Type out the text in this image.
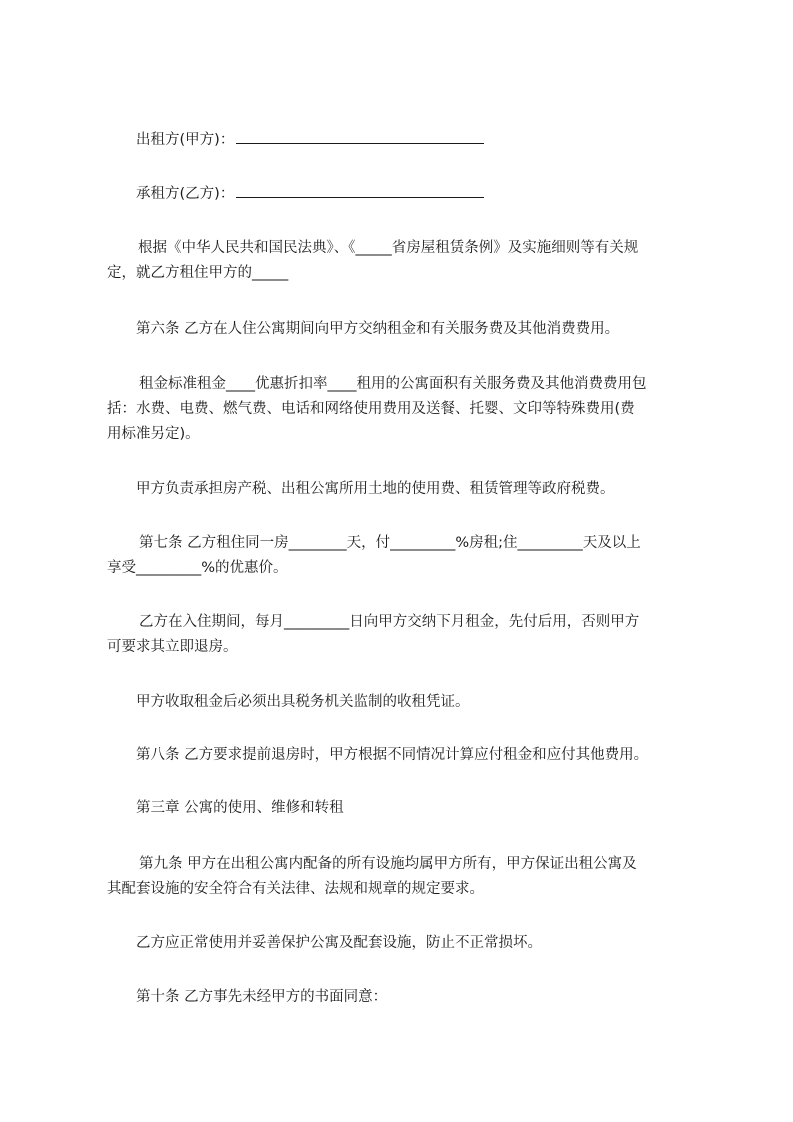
出租方(甲方)：

承租方(乙方)：

根据《中华人民共和国民法典》、《_____省房屋租赁条例》及实施细则等有关规
定，就乙方租住甲方的_____

第六条 乙方在人住公寓期间向甲方交纳租金和有关服务费及其他消费费用。

租金标准租金____优惠折扣率____租用的公寓面积有关服务费及其他消费费用包
括：水费、电费、燃气费、电话和网络使用费用及送餐、托婴、文印等特殊费用(费
用标准另定)。

甲方负责承担房产税、出租公寓所用土地的使用费、租赁管理等政府税费。

第七条 乙方租住同一房________天，付_________%房租;住_________天及以上
享受_________%的优惠价。

乙方在入住期间，每月_________日向甲方交纳下月租金，先付后用，否则甲方
可要求其立即退房。

甲方收取租金后必须出具税务机关监制的收租凭证。

第八条 乙方要求提前退房时，甲方根据不同情况计算应付租金和应付其他费用。

第三章 公寓的使用、维修和转租

第九条 甲方在出租公寓内配备的所有设施均属甲方所有，甲方保证出租公寓及
其配套设施的安全符合有关法律、法规和规章的规定要求。

乙方应正常使用并妥善保护公寓及配套设施，防止不正常损坏。

第十条 乙方事先未经甲方的书面同意：
